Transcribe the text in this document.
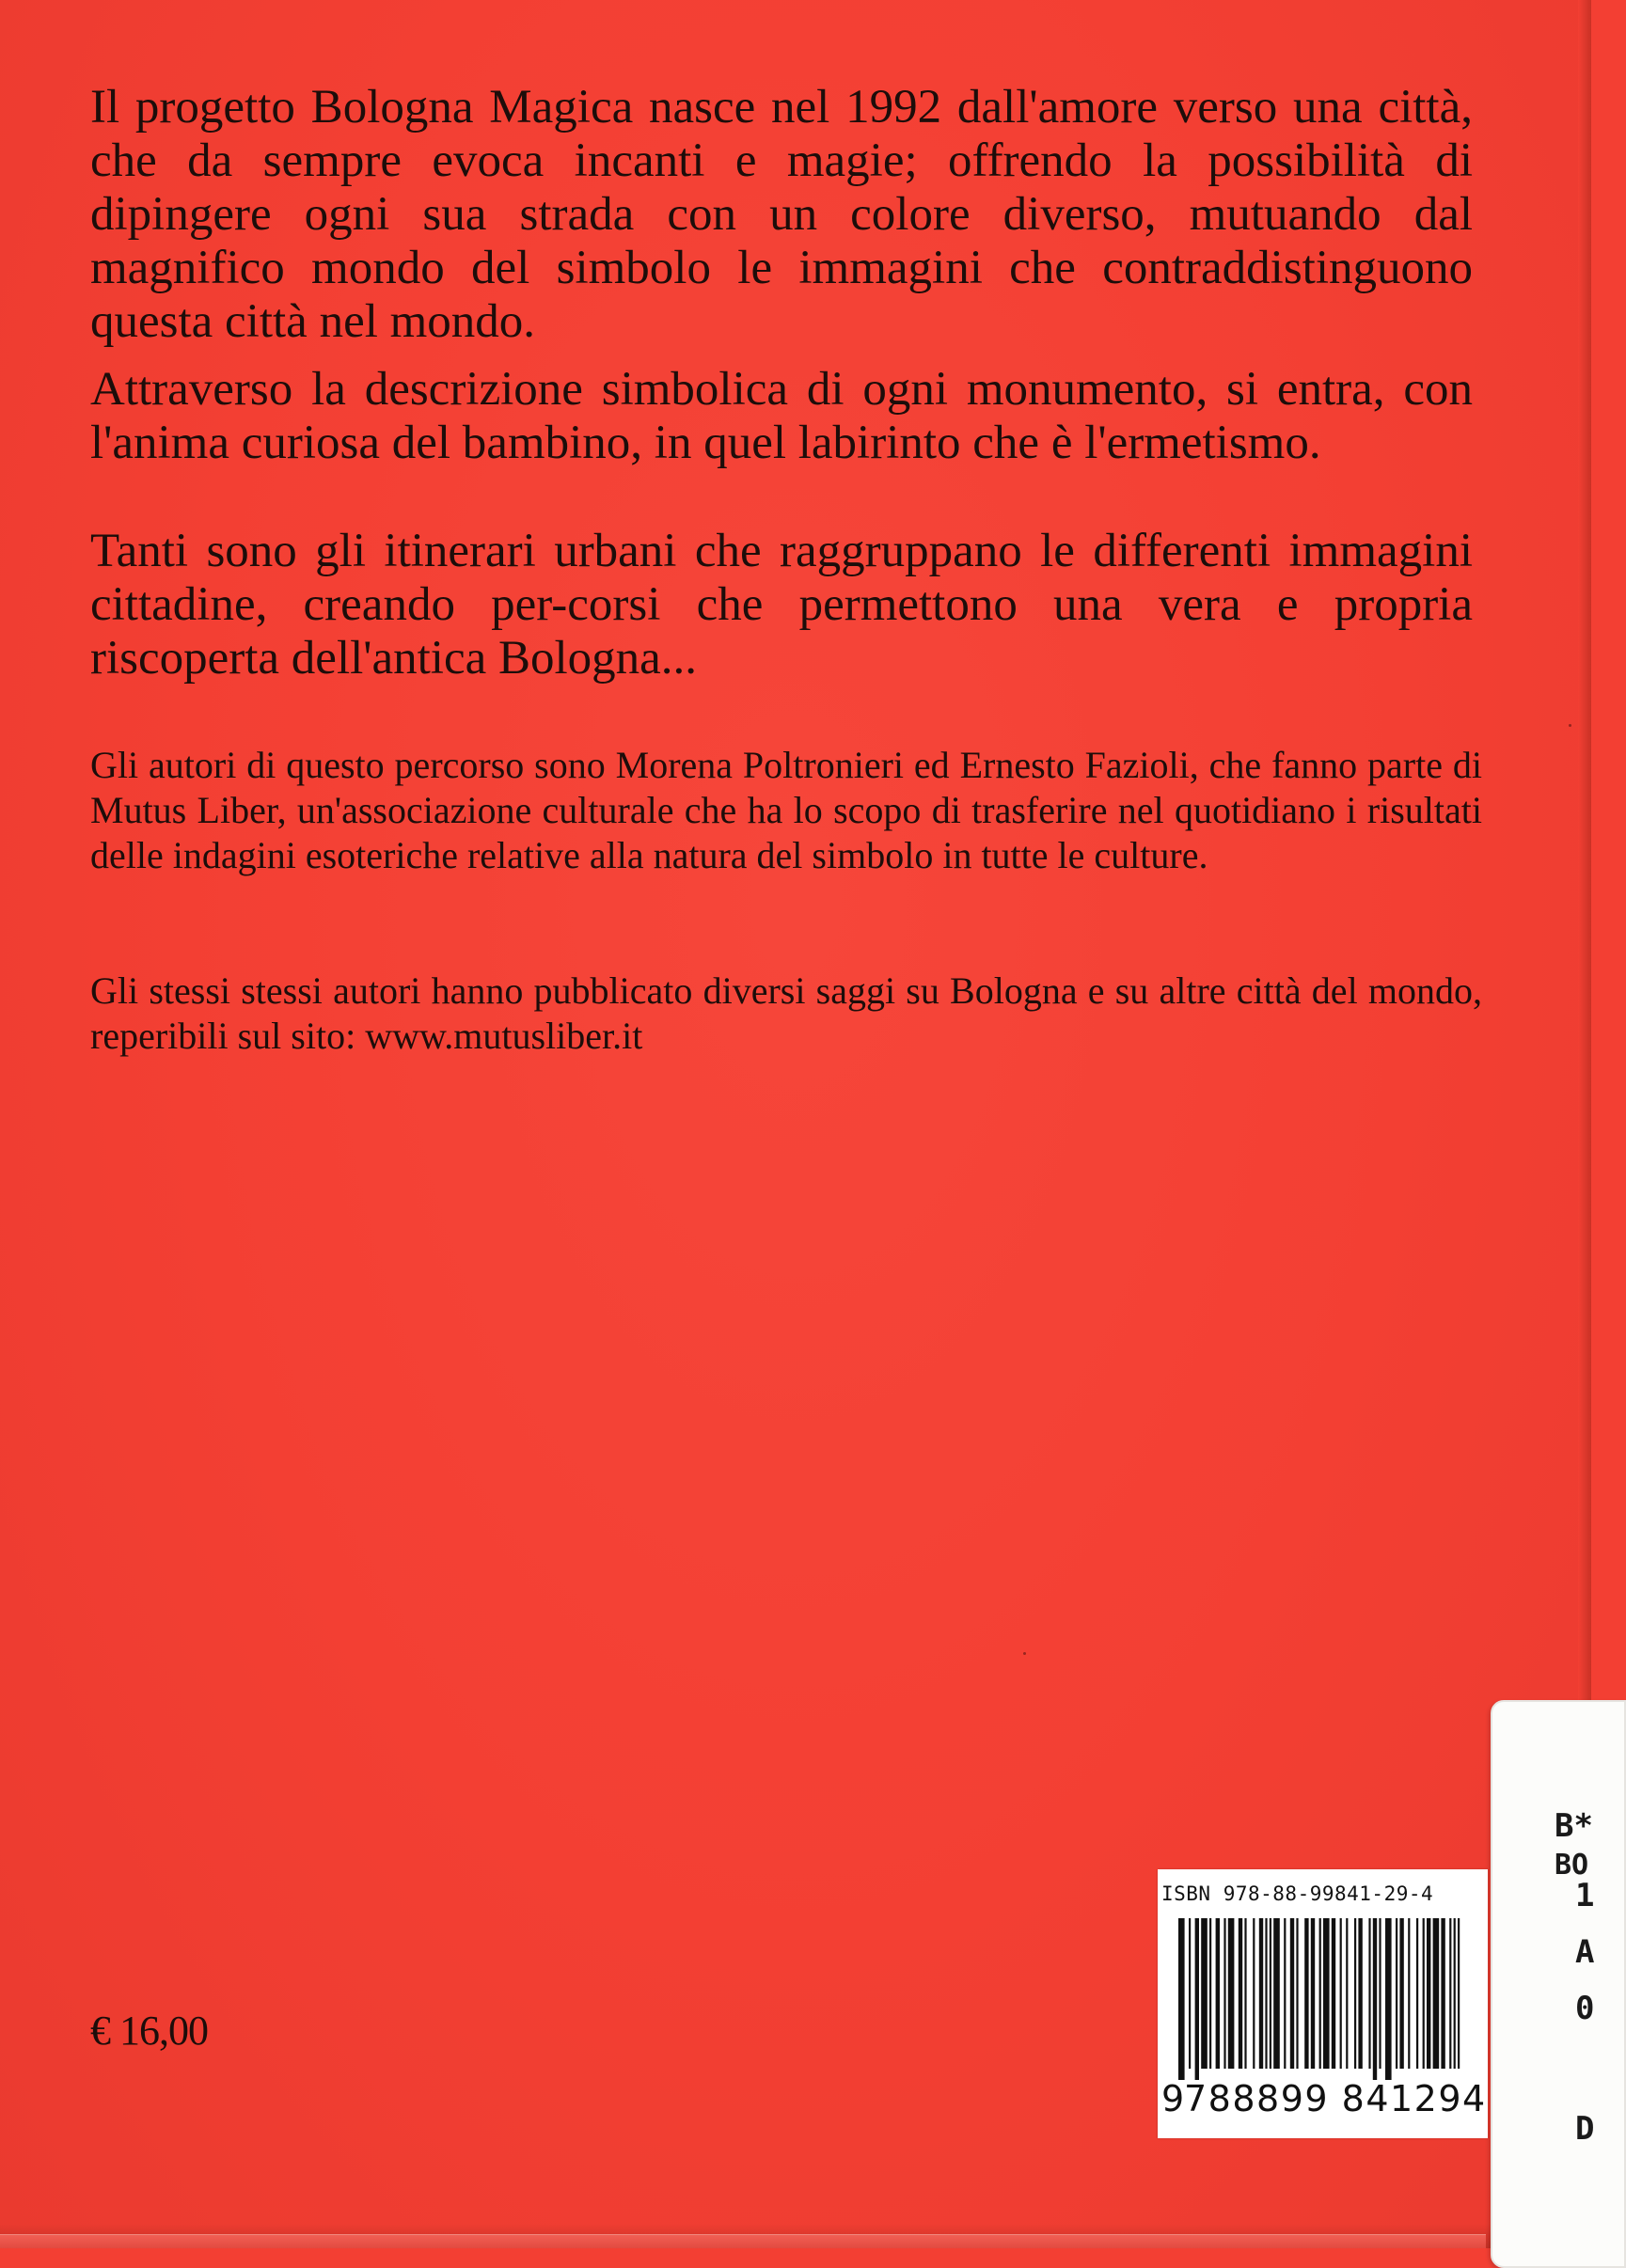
Il progetto Bologna Magica nasce nel 1992 dall'amore verso una città, che da sempre evoca incanti e magie; offrendo la possibilità di dipingere ogni sua strada con un colore diverso, mutuando dal magnifico mondo del simbolo le immagini che contraddistinguono questa città nel mondo.

Attraverso la descrizione simbolica di ogni monumento, si entra, con l'anima curiosa del bambino, in quel labirinto che è l'ermetismo.

Tanti sono gli itinerari urbani che raggruppano le differenti immagini cittadine, creando per-corsi che permettono una vera e propria riscoperta dell'antica Bologna...

Gli autori di questo percorso sono Morena Poltronieri ed Ernesto Fazioli, che fanno parte di Mutus Liber, un'associazione culturale che ha lo scopo di trasferire nel quotidiano i risultati delle indagini esoteriche relative alla natura del simbolo in tutte le culture.

Gli stessi stessi autori hanno pubblicato diversi saggi su Bologna e su altre città del mondo, reperibili sul sito: www.mutusliber.it

€ 16,00
B*
BO
1
A
0
D
ISBN 978-88-99841-29-4
9 788899 841294
